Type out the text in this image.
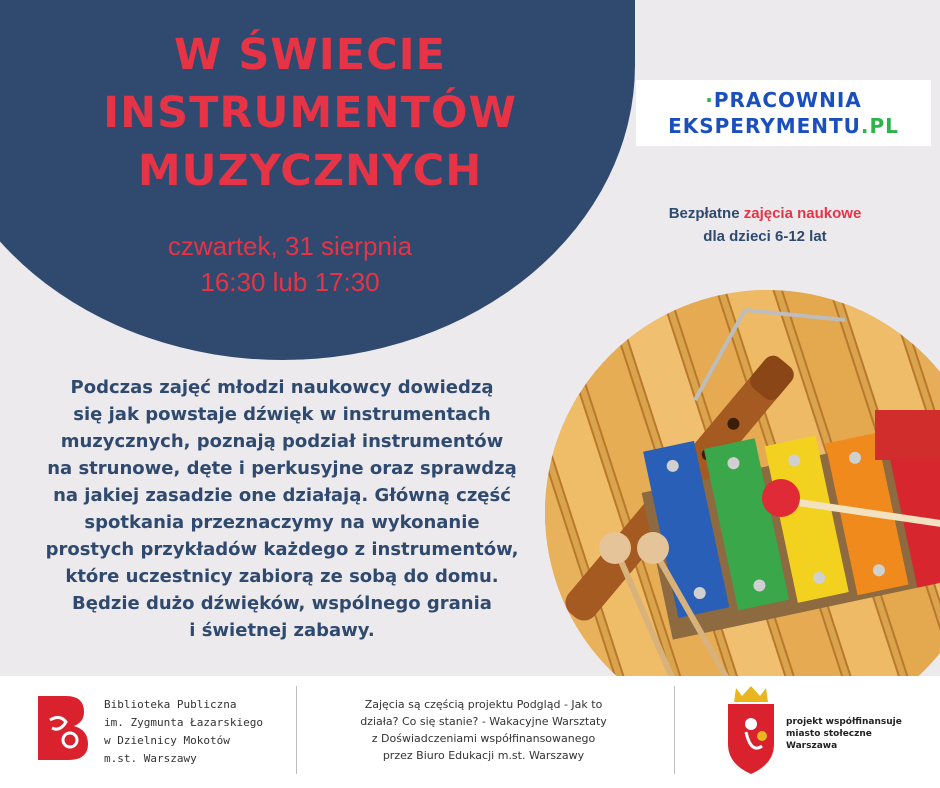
W ŚWIECIE
INSTRUMENTÓW
MUZYCZNYCH
czwartek, 31 sierpnia
16:30 lub 17:30
·PRACOWNIA
EKSPERYMENTU.PL
Bezpłatne zajęcia naukowe
dla dzieci 6-12 lat
Podczas zajęć młodzi naukowcy dowiedzą
się jak powstaje dźwięk w instrumentach
muzycznych, poznają podział instrumentów
na strunowe, dęte i perkusyjne oraz sprawdzą
na jakiej zasadzie one działają. Główną część
spotkania przeznaczymy na wykonanie
prostych przykładów każdego z instrumentów,
które uczestnicy zabiorą ze sobą do domu.
Będzie dużo dźwięków, wspólnego grania
i świetnej zabawy.
Biblioteka Publiczna
im. Zygmunta Łazarskiego
w Dzielnicy Mokotów
m.st. Warszawy
Zajęcia są częścią projektu Podgląd - Jak to
działa? Co się stanie? - Wakacyjne Warsztaty
z Doświadczeniami współfinansowanego
przez Biuro Edukacji m.st. Warszawy
projekt współfinansuje
miasto stołeczne
Warszawa
